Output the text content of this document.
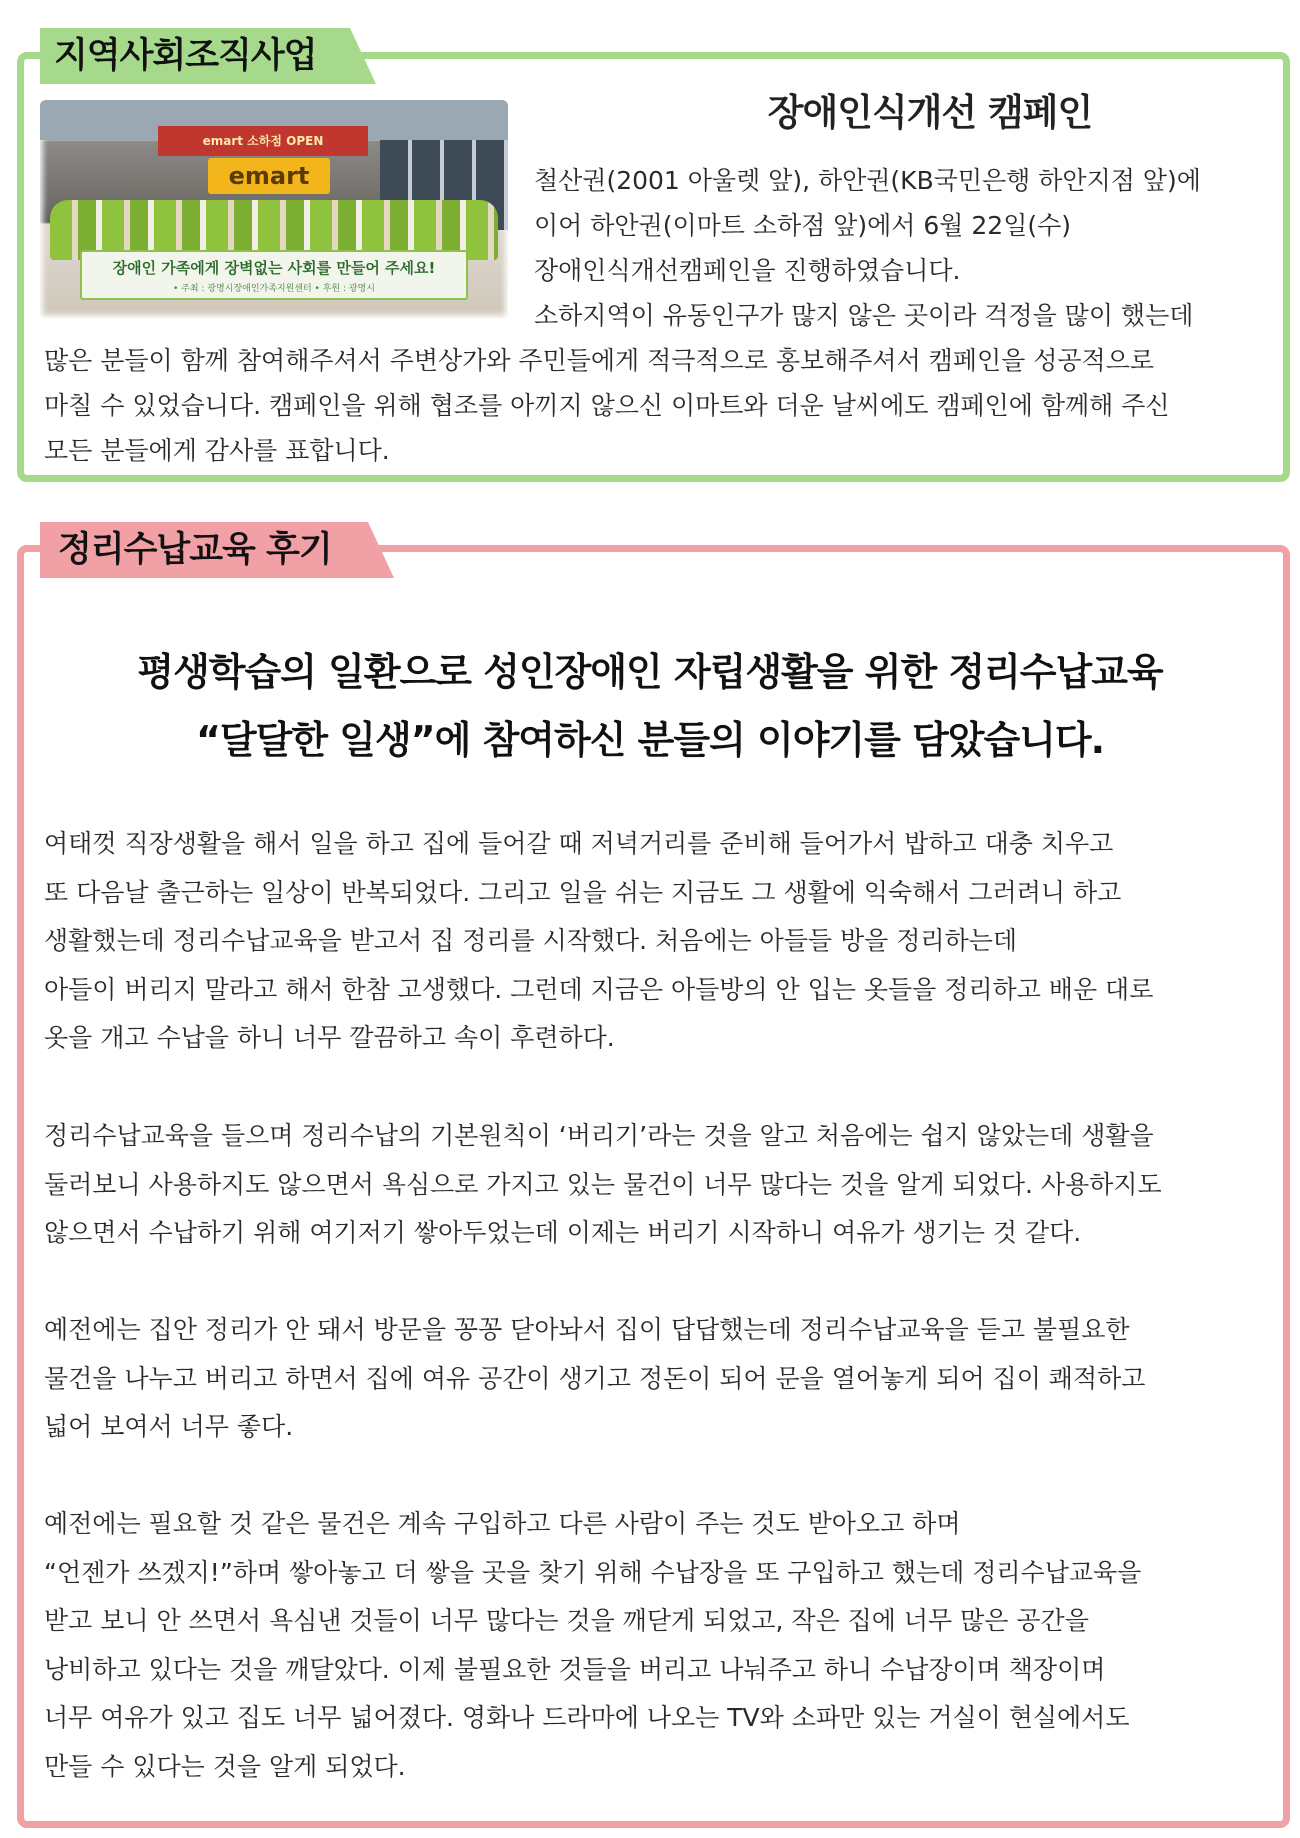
지역사회조직사업
emart 소하점 OPEN
emart
장애인 가족에게 장벽없는 사회를 만들어 주세요!
• 주최 : 광명시장애인가족지원센터 • 후원 : 광명시
장애인식개선 캠페인
철산권(2001 아울렛 앞), 하안권(KB국민은행 하안지점 앞)에
이어 하안권(이마트 소하점 앞)에서 6월 22일(수)
장애인식개선캠페인을 진행하였습니다.
소하지역이 유동인구가 많지 않은 곳이라 걱정을 많이 했는데
많은 분들이 함께 참여해주셔서 주변상가와 주민들에게 적극적으로 홍보해주셔서 캠페인을 성공적으로
마칠 수 있었습니다. 캠페인을 위해 협조를 아끼지 않으신 이마트와 더운 날씨에도 캠페인에 함께해 주신
모든 분들에게 감사를 표합니다.
정리수납교육 후기
평생학습의 일환으로 성인장애인 자립생활을 위한 정리수납교육
“달달한 일생”에 참여하신 분들의 이야기를 담았습니다.
여태껏 직장생활을 해서 일을 하고 집에 들어갈 때 저녁거리를 준비해 들어가서 밥하고 대충 치우고
또 다음날 출근하는 일상이 반복되었다. 그리고 일을 쉬는 지금도 그 생활에 익숙해서 그러려니 하고
생활했는데 정리수납교육을 받고서 집 정리를 시작했다. 처음에는 아들들 방을 정리하는데
아들이 버리지 말라고 해서 한참 고생했다. 그런데 지금은 아들방의 안 입는 옷들을 정리하고 배운 대로
옷을 개고 수납을 하니 너무 깔끔하고 속이 후련하다.
정리수납교육을 들으며 정리수납의 기본원칙이 ‘버리기’라는 것을 알고 처음에는 쉽지 않았는데 생활을
둘러보니 사용하지도 않으면서 욕심으로 가지고 있는 물건이 너무 많다는 것을 알게 되었다. 사용하지도
않으면서 수납하기 위해 여기저기 쌓아두었는데 이제는 버리기 시작하니 여유가 생기는 것 같다.
예전에는 집안 정리가 안 돼서 방문을 꽁꽁 닫아놔서 집이 답답했는데 정리수납교육을 듣고 불필요한
물건을 나누고 버리고 하면서 집에 여유 공간이 생기고 정돈이 되어 문을 열어놓게 되어 집이 쾌적하고
넓어 보여서 너무 좋다.
예전에는 필요할 것 같은 물건은 계속 구입하고 다른 사람이 주는 것도 받아오고 하며
“언젠가 쓰겠지!”하며 쌓아놓고 더 쌓을 곳을 찾기 위해 수납장을 또 구입하고 했는데 정리수납교육을
받고 보니 안 쓰면서 욕심낸 것들이 너무 많다는 것을 깨닫게 되었고, 작은 집에 너무 많은 공간을
낭비하고 있다는 것을 깨달았다. 이제 불필요한 것들을 버리고 나눠주고 하니 수납장이며 책장이며
너무 여유가 있고 집도 너무 넓어졌다. 영화나 드라마에 나오는 TV와 소파만 있는 거실이 현실에서도
만들 수 있다는 것을 알게 되었다.
